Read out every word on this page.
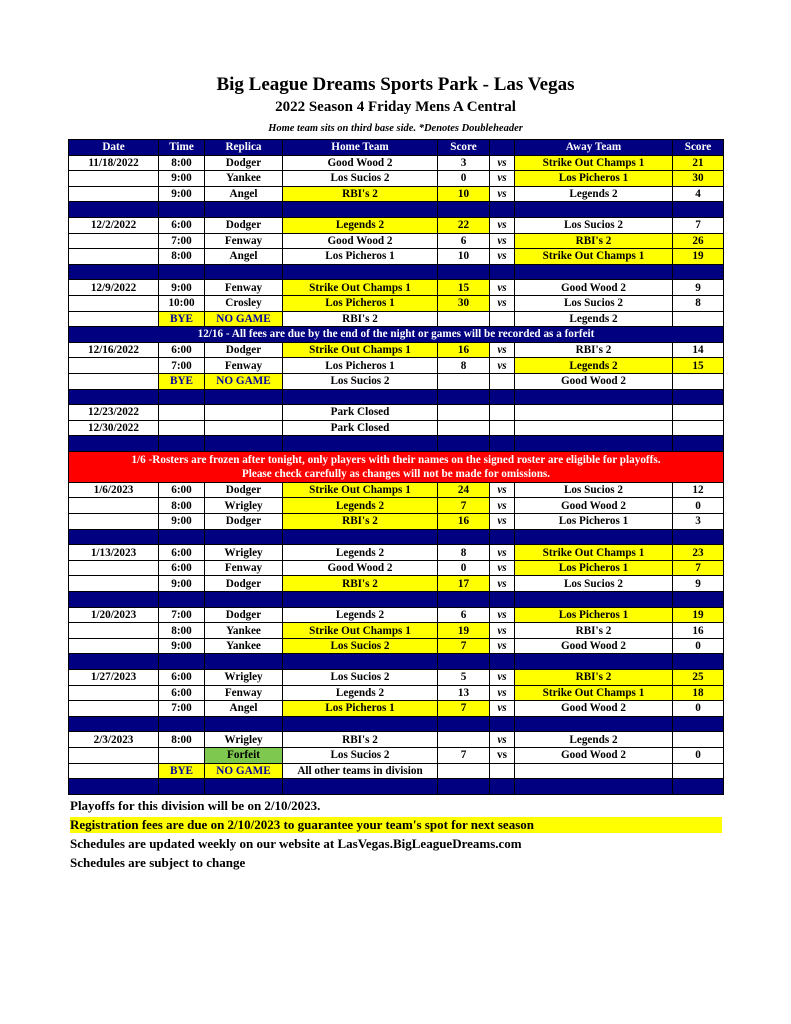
Big League Dreams Sports Park - Las Vegas
2022 Season 4 Friday Mens A Central
Home team sits on third base side. *Denotes Doubleheader
Date	Time	Replica	Home Team	Score		Away Team	Score
11/18/2022	8:00	Dodger	Good Wood 2	3	vs	Strike Out Champs 1	21
	9:00	Yankee	Los Sucios 2	0	vs	Los Picheros 1	30
	9:00	Angel	RBI's 2	10	vs	Legends 2	4

12/2/2022	6:00	Dodger	Legends 2	22	vs	Los Sucios 2	7
	7:00	Fenway	Good Wood 2	6	vs	RBI's 2	26
	8:00	Angel	Los Picheros 1	10	vs	Strike Out Champs 1	19

12/9/2022	9:00	Fenway	Strike Out Champs 1	15	vs	Good Wood 2	9
	10:00	Crosley	Los Picheros 1	30	vs	Los Sucios 2	8
	BYE	NO GAME	RBI's 2			Legends 2	
12/16 - All fees are due by the end of the night or games will be recorded as a forfeit							
12/16/2022	6:00	Dodger	Strike Out Champs 1	16	vs	RBI's 2	14
	7:00	Fenway	Los Picheros 1	8	vs	Legends 2	15
	BYE	NO GAME	Los Sucios 2			Good Wood 2	

12/23/2022			Park Closed				
12/30/2022			Park Closed				

1/6 -Rosters are frozen after tonight, only players with their names on the signed roster are eligible for playoffs.
Please check carefully as changes will not be made for omissions.							

1/6/2023	6:00	Dodger	Strike Out Champs 1	24	vs	Los Sucios 2	12
	8:00	Wrigley	Legends 2	7	vs	Good Wood 2	0
	9:00	Dodger	RBI's 2	16	vs	Los Picheros 1	3

1/13/2023	6:00	Wrigley	Legends 2	8	vs	Strike Out Champs 1	23
	6:00	Fenway	Good Wood 2	0	vs	Los Picheros 1	7
	9:00	Dodger	RBI's 2	17	vs	Los Sucios 2	9

1/20/2023	7:00	Dodger	Legends 2	6	vs	Los Picheros 1	19
	8:00	Yankee	Strike Out Champs 1	19	vs	RBI's 2	16
	9:00	Yankee	Los Sucios 2	7	vs	Good Wood 2	0

1/27/2023	6:00	Wrigley	Los Sucios 2	5	vs	RBI's 2	25
	6:00	Fenway	Legends 2	13	vs	Strike Out Champs 1	18
	7:00	Angel	Los Picheros 1	7	vs	Good Wood 2	0

2/3/2023	8:00	Wrigley	RBI's 2		vs	Legends 2	
		Forfeit	Los Sucios 2	7	vs	Good Wood 2	0
	BYE	NO GAME	All other teams in division				

Playoffs for this division will be on 2/10/2023.
Registration fees are due on 2/10/2023 to guarantee your team's spot for next season
Schedules are updated weekly on our website at LasVegas.BigLeagueDreams.com
Schedules are subject to change
